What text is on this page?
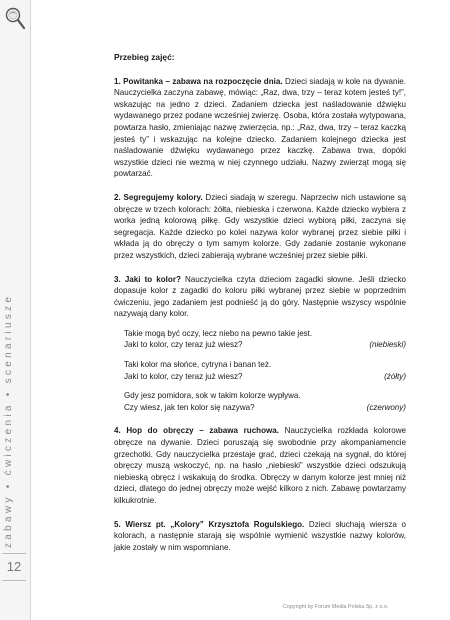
zabawy • ćwiczenia • scenariusze
12

Przebieg zajęć:

1. Powitanka – zabawa na rozpoczęcie dnia. Dzieci siadają w kole na dywanie. Nauczycielka zaczyna zabawę, mówiąc: „Raz, dwa, trzy – teraz kotem jesteś ty!”, wskazując na jedno z dzieci. Zadaniem dziecka jest naśladowanie dźwięku wydawanego przez podane wcześniej zwierzę. Osoba, która została wytypowana, powtarza hasło, zmieniając nazwę zwierzęcia, np.: „Raz, dwa, trzy – teraz kaczką jesteś ty” i wskazując na kolejne dziecko. Zadaniem kolejnego dziecka jest naśladowanie dźwięku wydawanego przez kaczkę. Zabawa trwa, dopóki wszystkie dzieci nie wezmą w niej czynnego udziału. Nazwy zwierząt mogą się powtarzać.

2. Segregujemy kolory. Dzieci siadają w szeregu. Naprzeciw nich ustawione są obręcze w trzech kolorach: żółta, niebieska i czerwona. Każde dziecko wybiera z worka jedną kolorową piłkę. Gdy wszystkie dzieci wybiorą piłki, zaczyna się segregacja. Każde dziecko po kolei nazywa kolor wybranej przez siebie piłki i wkłada ją do obręczy o tym samym kolorze. Gdy zadanie zostanie wykonane przez wszystkich, dzieci zabierają wybrane wcześniej przez siebie piłki.

3. Jaki to kolor? Nauczycielka czyta dzieciom zagadki słowne. Jeśli dziecko dopasuje kolor z zagadki do koloru piłki wybranej przez siebie w poprzednim ćwiczeniu, jego zadaniem jest podnieść ją do góry. Następnie wszyscy wspólnie nazywają dany kolor.

Takie mogą być oczy, lecz niebo na pewno takie jest.
Jaki to kolor, czy teraz już wiesz?	(niebieski)
Taki kolor ma słońce, cytryna i banan też.
Jaki to kolor, czy teraz już wiesz?	(żółty)
Gdy jesz pomidora, sok w takim kolorze wypływa.
Czy wiesz, jak ten kolor się nazywa?	(czerwony)

4. Hop do obręczy – zabawa ruchowa. Nauczycielka rozkłada kolorowe obręcze na dywanie. Dzieci poruszają się swobodnie przy akompaniamencie grzechotki. Gdy nauczycielka przestaje grać, dzieci czekają na sygnał, do której obręczy muszą wskoczyć, np. na hasło „niebieski” wszystkie dzieci odszukują niebieską obręcz i wskakują do środka. Obręczy w danym kolorze jest mniej niż dzieci, dlatego do jednej obręczy może wejść kilkoro z nich. Zabawę powtarzamy kilkukrotnie.

5. Wiersz pt. „Kolory” Krzysztofa Rogulskiego. Dzieci słuchają wiersza o kolorach, a następnie starają się wspólnie wymienić wszystkie nazwy kolorów, jakie zostały w nim wspomniane.

Copyright by Forum Media Polska Sp. z o.o.
